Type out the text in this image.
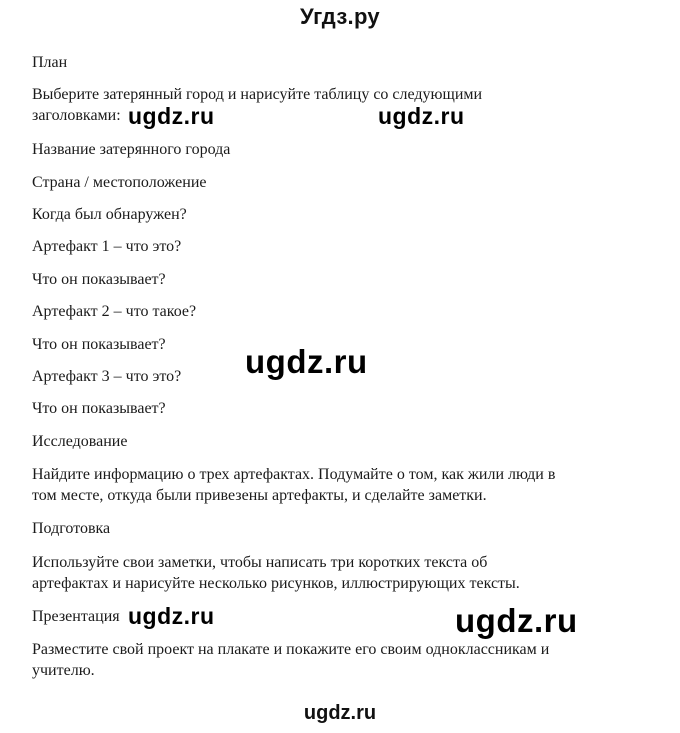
Угдз.ру
План
Выберите затерянный город и нарисуйте таблицу со следующими
заголовками:
Название затерянного города
Страна / местоположение
Когда был обнаружен?
Артефакт 1 – что это?
Что он показывает?
Артефакт 2 – что такое?
Что он показывает?
Артефакт 3 – что это?
Что он показывает?
Исследование
Найдите информацию о трех артефактах. Подумайте о том, как жили люди в
том месте, откуда были привезены артефакты, и сделайте заметки.
Подготовка
Используйте свои заметки, чтобы написать три коротких текста об
артефактах и нарисуйте несколько рисунков, иллюстрирующих тексты.
Презентация
Разместите свой проект на плакате и покажите его своим одноклассникам и
учителю.
ugdz.ru	ugdz.ru
ugdz.ru
ugdz.ru	ugdz.ru
ugdz.ru
